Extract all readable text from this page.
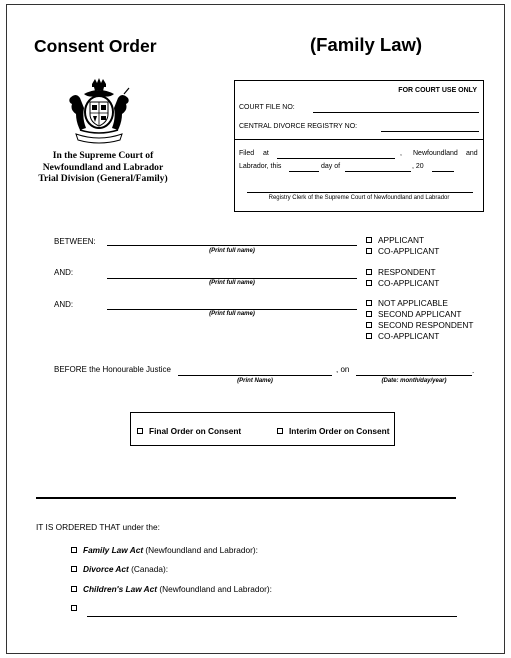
Consent Order	(Family Law)
In the Supreme Court of
Newfoundland and Labrador
Trial Division (General/Family)
FOR COURT USE ONLY
COURT FILE NO:
CENTRAL DIVORCE REGISTRY NO:
Filed at	, Newfoundland and
Labrador, this	day of	, 20
Registry Clerk of the Supreme Court of Newfoundland and Labrador
BETWEEN:
(Print full name)
APPLICANT
CO-APPLICANT
AND:
(Print full name)
RESPONDENT
CO-APPLICANT
AND:
(Print full name)
NOT APPLICABLE
SECOND APPLICANT
SECOND RESPONDENT
CO-APPLICANT
BEFORE the Honourable Justice
(Print Name)
, on	.
(Date: month/day/year)
Final Order on Consent	Interim Order on Consent
IT IS ORDERED THAT under the:
Family Law Act (Newfoundland and Labrador):
Divorce Act (Canada):
Children's Law Act (Newfoundland and Labrador):
